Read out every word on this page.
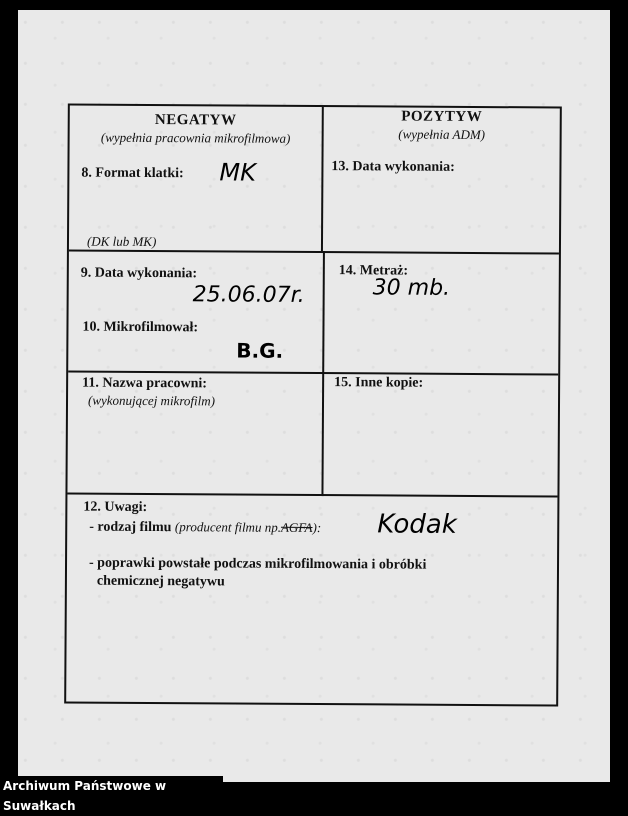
NEGATYW
(wypełnia pracownia mikrofilmowa)
POZYTYW
(wypełnia ADM)
8. Format klatki: MK
(DK lub MK)
13. Data wykonania:
9. Data wykonania:
25.06.07r.
14. Metraż:
30 mb.
10. Mikrofilmował:
B.G.
11. Nazwa pracowni:
(wykonującej mikrofilm)
15. Inne kopie:
12. Uwagi:
- rodzaj filmu (producent filmu np.AGFA): Kodak
- poprawki powstałe podczas mikrofilmowania i obróbki
chemicznej negatywu
Archiwum Państwowe w Suwałkach
